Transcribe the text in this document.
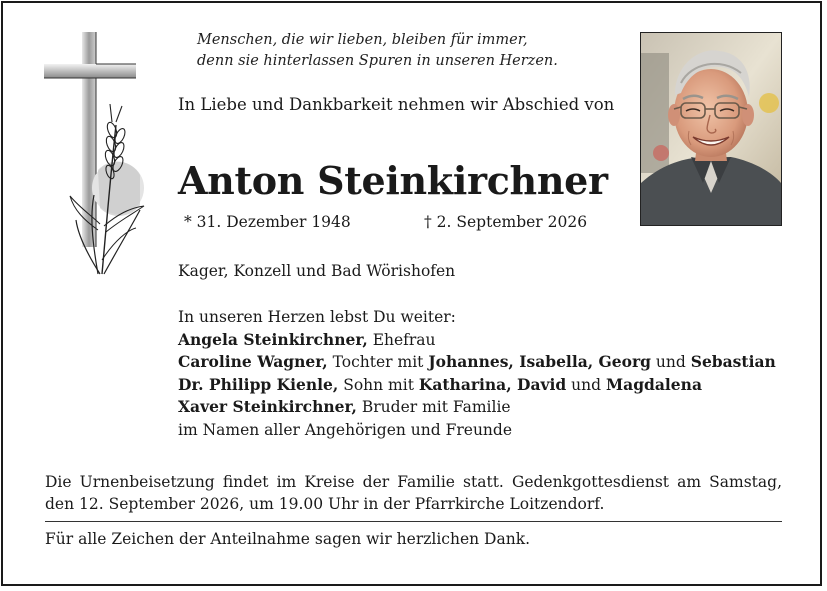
Menschen, die wir lieben, bleiben für immer,
denn sie hinterlassen Spuren in unseren Herzen.
In Liebe und Dankbarkeit nehmen wir Abschied von
Anton Steinkirchner
* 31. Dezember 1948	† 2. September 2026
Kager, Konzell und Bad Wörishofen
In unseren Herzen lebst Du weiter:
Angela Steinkirchner, Ehefrau
Caroline Wagner, Tochter mit Johannes, Isabella, Georg und Sebastian
Dr. Philipp Kienle, Sohn mit Katharina, David und Magdalena
Xaver Steinkirchner, Bruder mit Familie
im Namen aller Angehörigen und Freunde
Die Urnenbeisetzung findet im Kreise der Familie statt. Gedenkgottesdienst am Samstag, den 12. September 2026, um 19.00 Uhr in der Pfarrkirche Loitzendorf.
Für alle Zeichen der Anteilnahme sagen wir herzlichen Dank.
